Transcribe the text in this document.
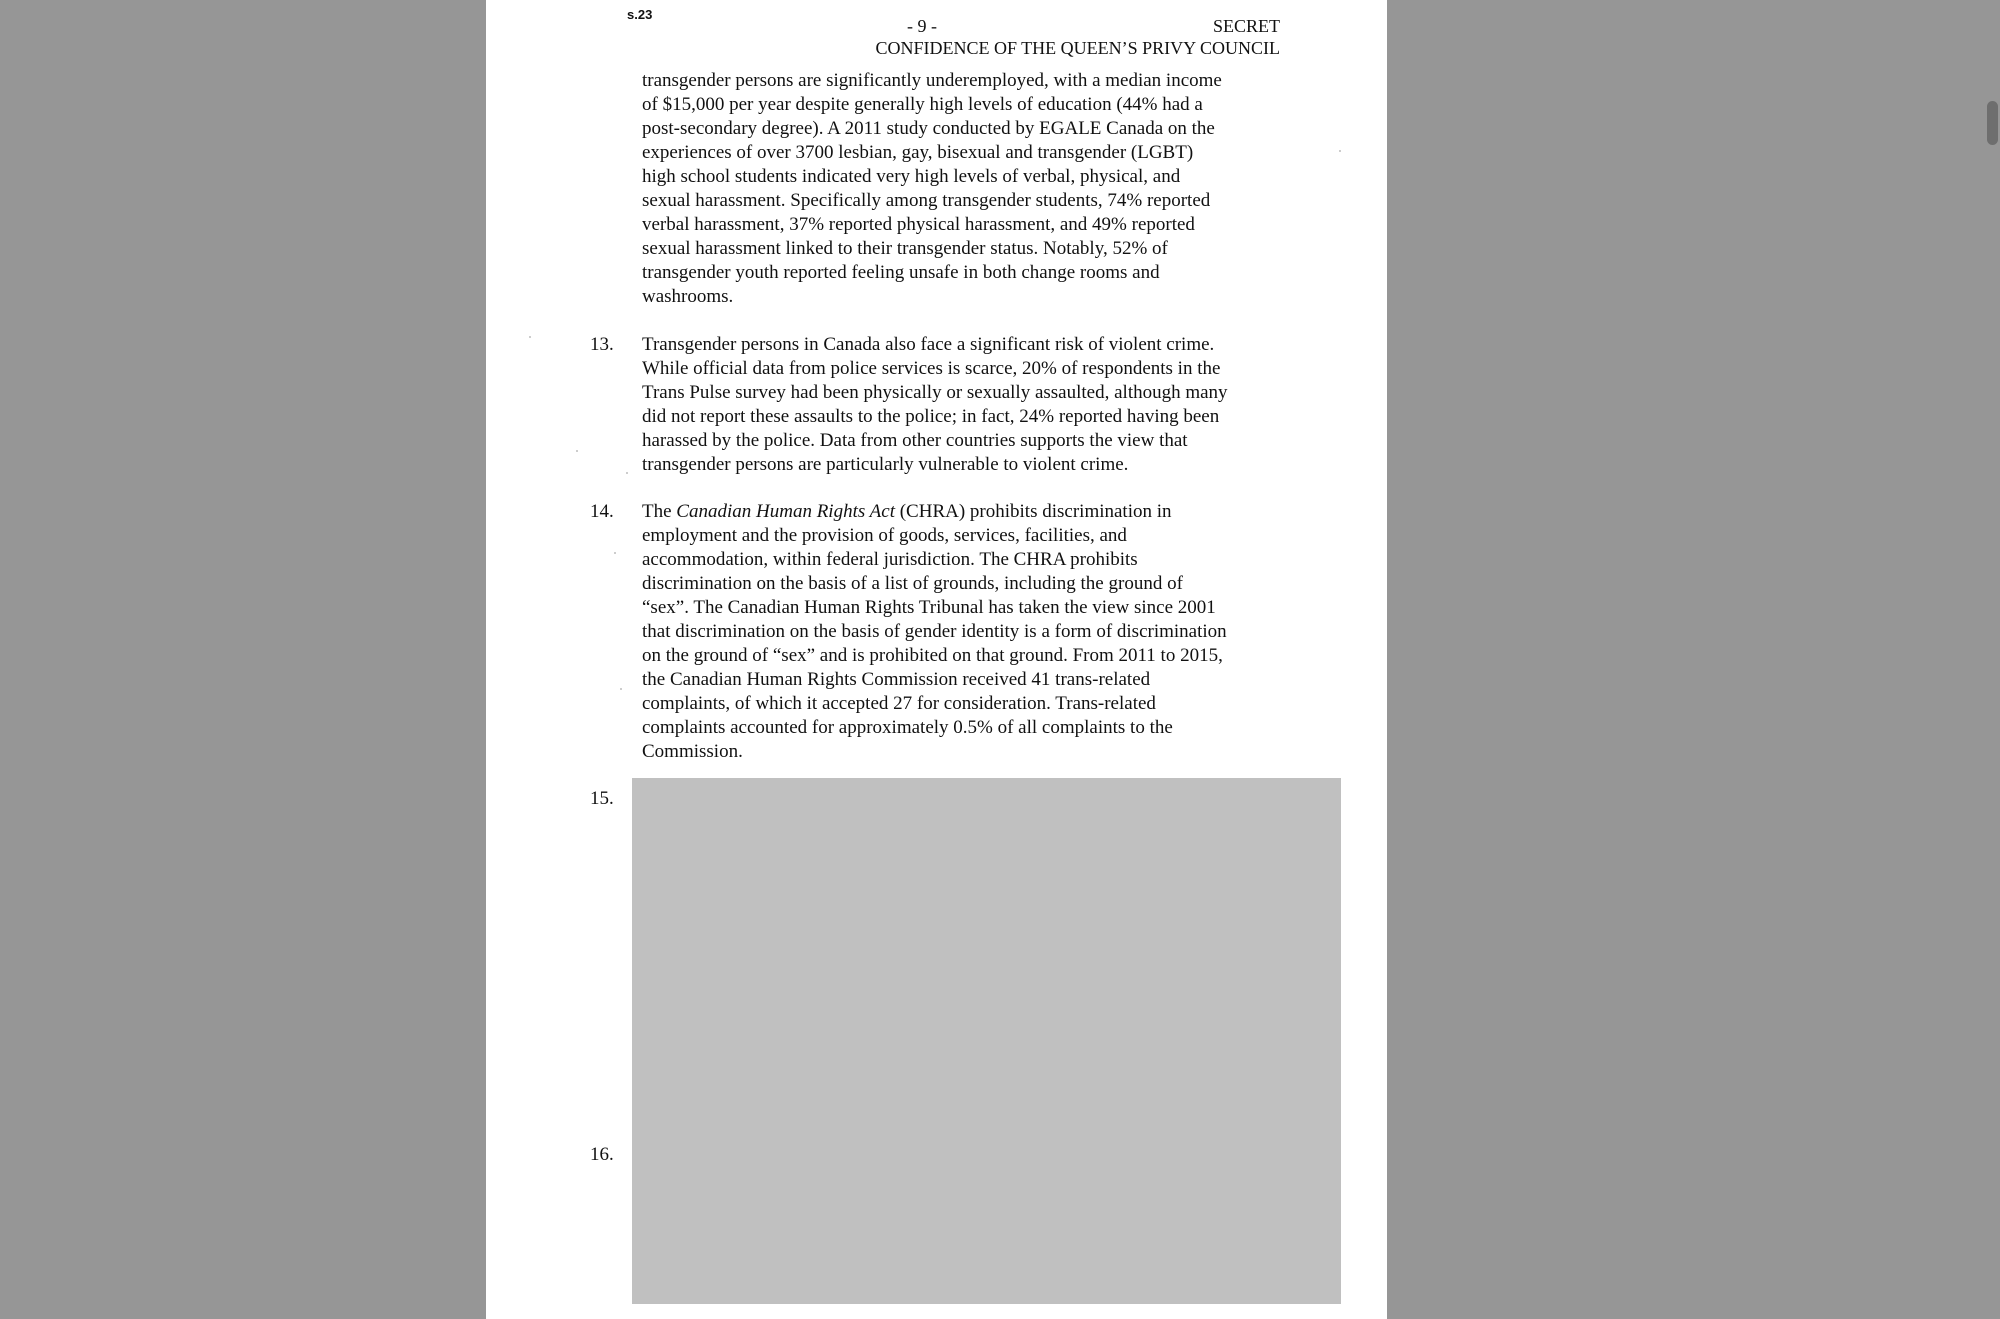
s.23
- 9 -	SECRET
CONFIDENCE OF THE QUEEN’S PRIVY COUNCIL
transgender persons are significantly underemployed, with a median income
of $15,000 per year despite generally high levels of education (44% had a
post-secondary degree). A 2011 study conducted by EGALE Canada on the
experiences of over 3700 lesbian, gay, bisexual and transgender (LGBT)
high school students indicated very high levels of verbal, physical, and
sexual harassment. Specifically among transgender students, 74% reported
verbal harassment, 37% reported physical harassment, and 49% reported
sexual harassment linked to their transgender status. Notably, 52% of
transgender youth reported feeling unsafe in both change rooms and
washrooms.
13. Transgender persons in Canada also face a significant risk of violent crime.
While official data from police services is scarce, 20% of respondents in the
Trans Pulse survey had been physically or sexually assaulted, although many
did not report these assaults to the police; in fact, 24% reported having been
harassed by the police. Data from other countries supports the view that
transgender persons are particularly vulnerable to violent crime.
14. The Canadian Human Rights Act (CHRA) prohibits discrimination in
employment and the provision of goods, services, facilities, and
accommodation, within federal jurisdiction. The CHRA prohibits
discrimination on the basis of a list of grounds, including the ground of
“sex”. The Canadian Human Rights Tribunal has taken the view since 2001
that discrimination on the basis of gender identity is a form of discrimination
on the ground of “sex” and is prohibited on that ground. From 2011 to 2015,
the Canadian Human Rights Commission received 41 trans-related
complaints, of which it accepted 27 for consideration. Trans-related
complaints accounted for approximately 0.5% of all complaints to the
Commission.
15.
16.
